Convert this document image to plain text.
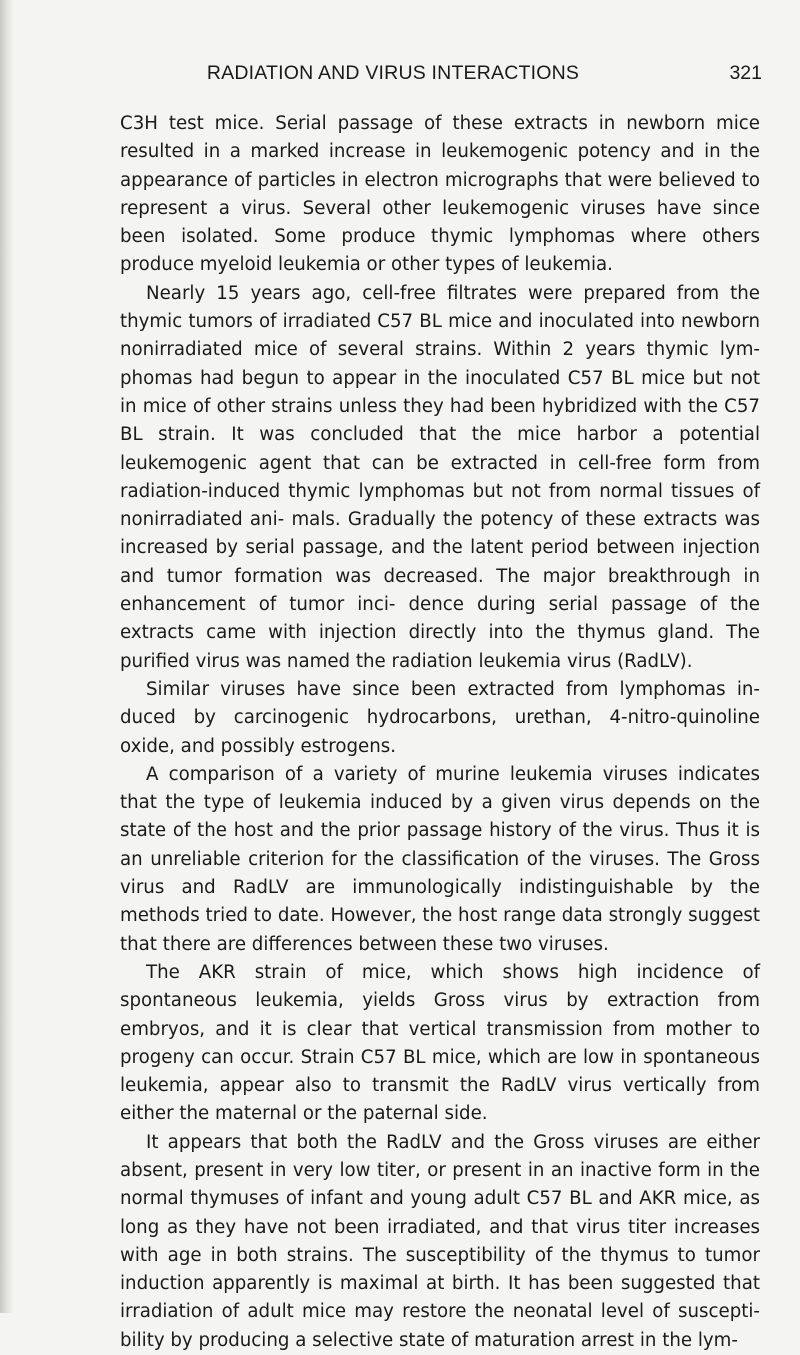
RADIATION AND VIRUS INTERACTIONS	321

C3H test mice. Serial passage of these extracts in newborn mice resulted in a marked increase in leukemogenic potency and in the appearance of particles in electron micrographs that were believed to represent a virus. Several other leukemogenic viruses have since been isolated. Some produce thymic lymphomas where others produce myeloid leukemia or other types of leukemia.

Nearly 15 years ago, cell-free filtrates were prepared from the thymic tumors of irradiated C57 BL mice and inoculated into newborn nonirradiated mice of several strains. Within 2 years thymic lym- phomas had begun to appear in the inoculated C57 BL mice but not in mice of other strains unless they had been hybridized with the C57 BL strain. It was concluded that the mice harbor a potential leukemogenic agent that can be extracted in cell-free form from radiation-induced thymic lymphomas but not from normal tissues of nonirradiated ani- mals. Gradually the potency of these extracts was increased by serial passage, and the latent period between injection and tumor formation was decreased. The major breakthrough in enhancement of tumor inci- dence during serial passage of the extracts came with injection directly into the thymus gland. The purified virus was named the radiation leukemia virus (RadLV).

Similar viruses have since been extracted from lymphomas in- duced by carcinogenic hydrocarbons, urethan, 4-nitro-quinoline oxide, and possibly estrogens.

A comparison of a variety of murine leukemia viruses indicates that the type of leukemia induced by a given virus depends on the state of the host and the prior passage history of the virus. Thus it is an unreliable criterion for the classification of the viruses. The Gross virus and RadLV are immunologically indistinguishable by the methods tried to date. However, the host range data strongly suggest that there are differences between these two viruses.

The AKR strain of mice, which shows high incidence of spontaneous leukemia, yields Gross virus by extraction from embryos, and it is clear that vertical transmission from mother to progeny can occur. Strain C57 BL mice, which are low in spontaneous leukemia, appear also to transmit the RadLV virus vertically from either the maternal or the paternal side.

It appears that both the RadLV and the Gross viruses are either absent, present in very low titer, or present in an inactive form in the normal thymuses of infant and young adult C57 BL and AKR mice, as long as they have not been irradiated, and that virus titer increases with age in both strains. The susceptibility of the thymus to tumor induction apparently is maximal at birth. It has been suggested that irradiation of adult mice may restore the neonatal level of suscepti- bility by producing a selective state of maturation arrest in the lym-
